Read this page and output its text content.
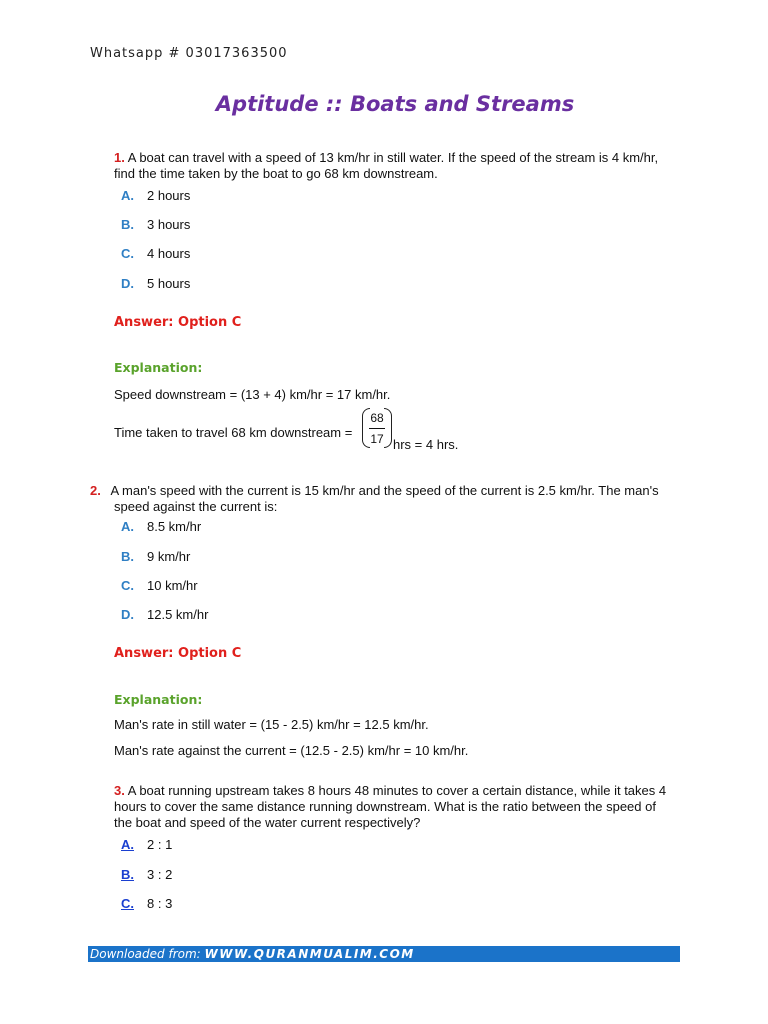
Whatsapp # 03017363500
Aptitude :: Boats and Streams
1. A boat can travel with a speed of 13 km/hr in still water. If the speed of the stream is 4 km/hr,
find the time taken by the boat to go 68 km downstream.
A. 2 hours
B. 3 hours
C. 4 hours
D. 5 hours
Answer: Option C
Explanation:
Speed downstream = (13 + 4) km/hr = 17 km/hr.
Time taken to travel 68 km downstream =
68
17 hrs = 4 hrs.
2. A man's speed with the current is 15 km/hr and the speed of the current is 2.5 km/hr. The man's
speed against the current is:
A. 8.5 km/hr
B. 9 km/hr
C. 10 km/hr
D. 12.5 km/hr
Answer: Option C
Explanation:
Man's rate in still water = (15 - 2.5) km/hr = 12.5 km/hr.
Man's rate against the current = (12.5 - 2.5) km/hr = 10 km/hr.
3. A boat running upstream takes 8 hours 48 minutes to cover a certain distance, while it takes 4
hours to cover the same distance running downstream. What is the ratio between the speed of
the boat and speed of the water current respectively?
A. 2 : 1
B. 3 : 2
C. 8 : 3
Downloaded from: WWW.QURANMUALIM.COM
